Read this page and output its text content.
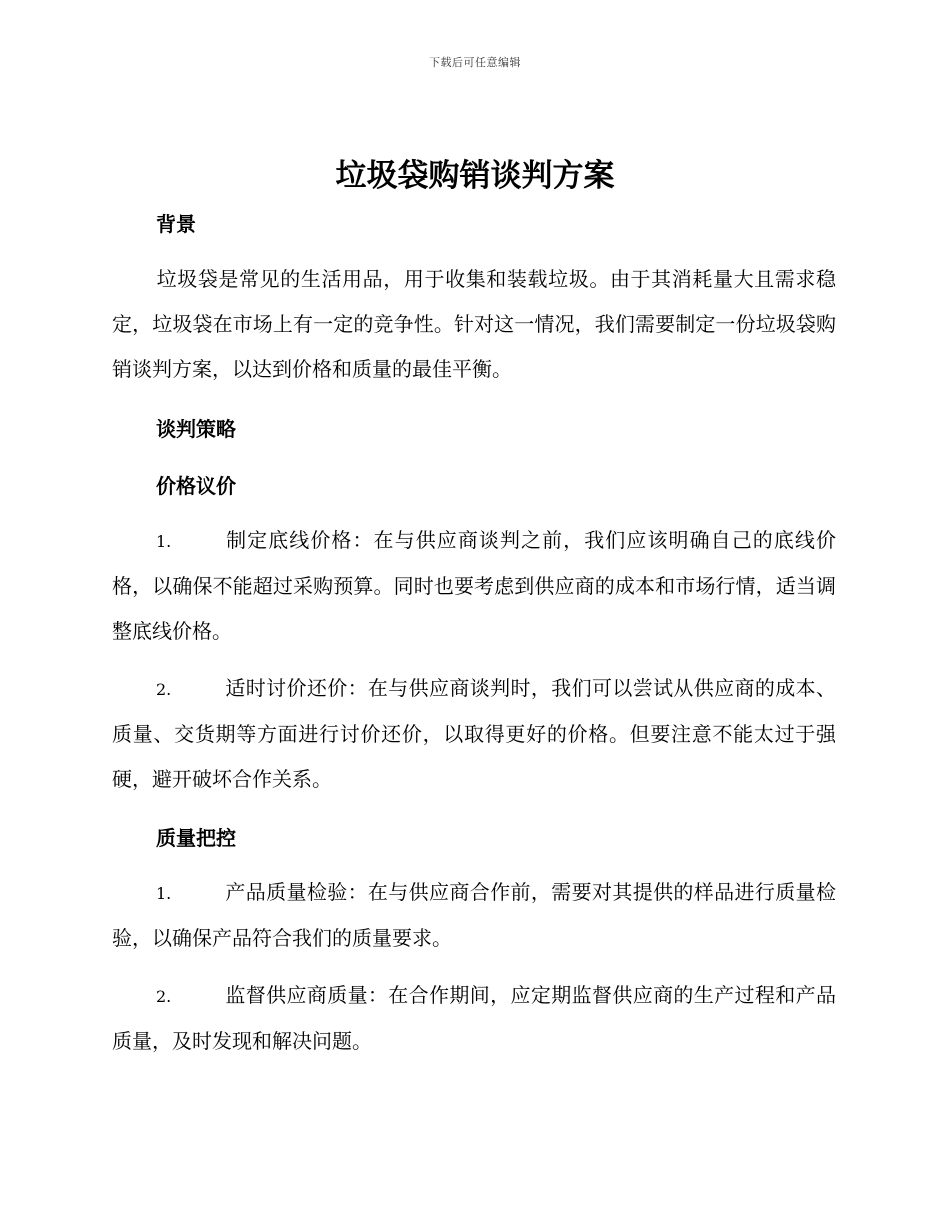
下载后可任意编辑
垃圾袋购销谈判方案
背景
垃圾袋是常见的生活用品，用于收集和装载垃圾。由于其消耗量大且需求稳定，垃圾袋在市场上有一定的竞争性。针对这一情况，我们需要制定一份垃圾袋购销谈判方案，以达到价格和质量的最佳平衡。
谈判策略
价格议价
1.	制定底线价格：在与供应商谈判之前，我们应该明确自己的底线价格，以确保不能超过采购预算。同时也要考虑到供应商的成本和市场行情，适当调整底线价格。
2.	适时讨价还价：在与供应商谈判时，我们可以尝试从供应商的成本、质量、交货期等方面进行讨价还价，以取得更好的价格。但要注意不能太过于强硬，避开破坏合作关系。
质量把控
1.	产品质量检验：在与供应商合作前，需要对其提供的样品进行质量检验，以确保产品符合我们的质量要求。
2.	监督供应商质量：在合作期间，应定期监督供应商的生产过程和产品质量，及时发现和解决问题。
